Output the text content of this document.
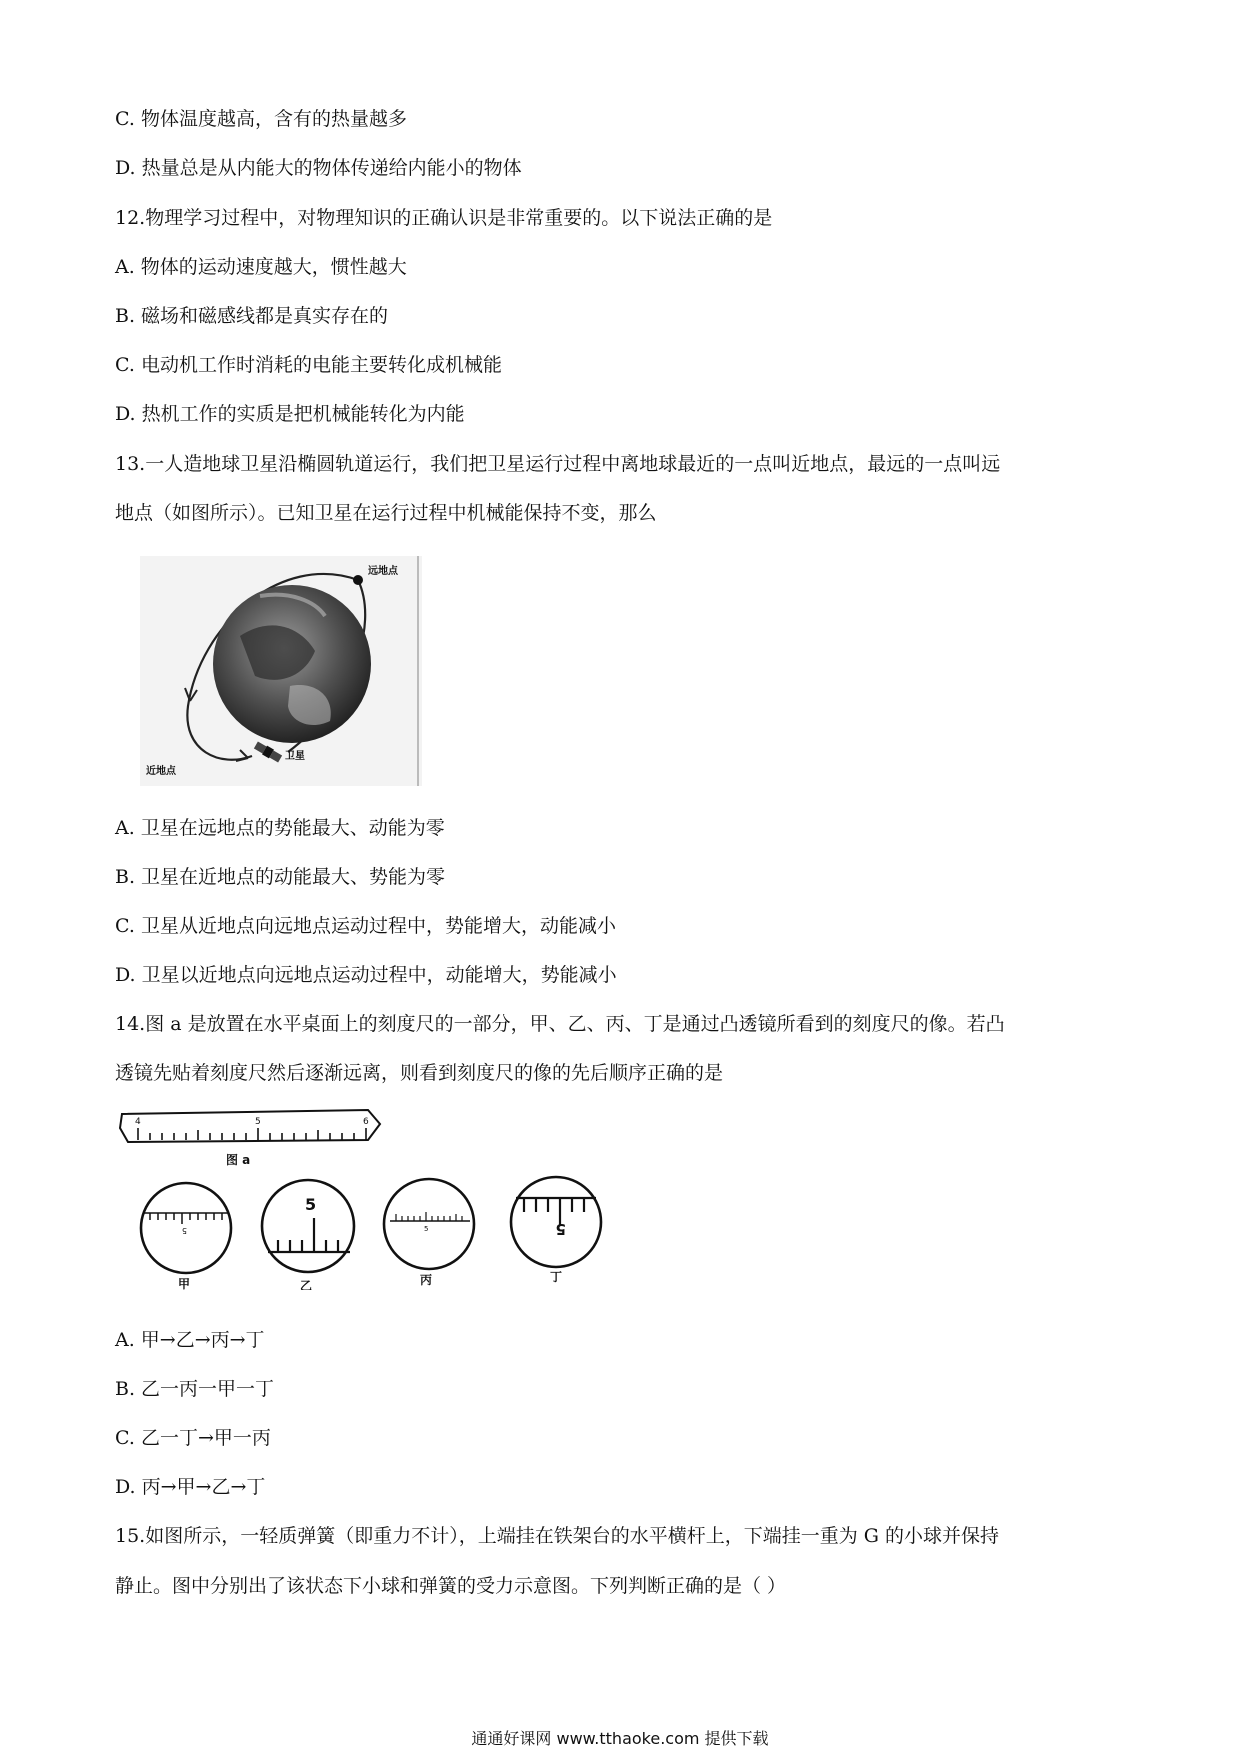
C. 物体温度越高，含有的热量越多
D. 热量总是从内能大的物体传递给内能小的物体
12.物理学习过程中，对物理知识的正确认识是非常重要的。以下说法正确的是
A. 物体的运动速度越大，惯性越大
B. 磁场和磁感线都是真实存在的
C. 电动机工作时消耗的电能主要转化成机械能
D. 热机工作的实质是把机械能转化为内能
13.一人造地球卫星沿椭圆轨道运行，我们把卫星运行过程中离地球最近的一点叫近地点，最远的一点叫远
地点（如图所示）。已知卫星在运行过程中机械能保持不变，那么
远地点
卫星
近地点
A. 卫星在远地点的势能最大、动能为零
B. 卫星在近地点的动能最大、势能为零
C. 卫星从近地点向远地点运动过程中，势能增大，动能减小
D. 卫星以近地点向远地点运动过程中，动能增大，势能减小
14.图 a 是放置在水平桌面上的刻度尺的一部分，甲、乙、丙、丁是通过凸透镜所看到的刻度尺的像。若凸
透镜先贴着刻度尺然后逐渐远离，则看到刻度尺的像的先后顺序正确的是
4	5	6
图 a
5
甲
5
乙
5
丙
5
丁
A. 甲→乙→丙→丁
B. 乙一丙一甲一丁
C. 乙一丁→甲一丙
D. 丙→甲→乙→丁
15.如图所示，一轻质弹簧（即重力不计），上端挂在铁架台的水平横杆上，下端挂一重为 G 的小球并保持
静止。图中分别出了该状态下小球和弹簧的受力示意图。下列判断正确的是（ ）
通通好课网 www.tthaoke.com 提供下载
